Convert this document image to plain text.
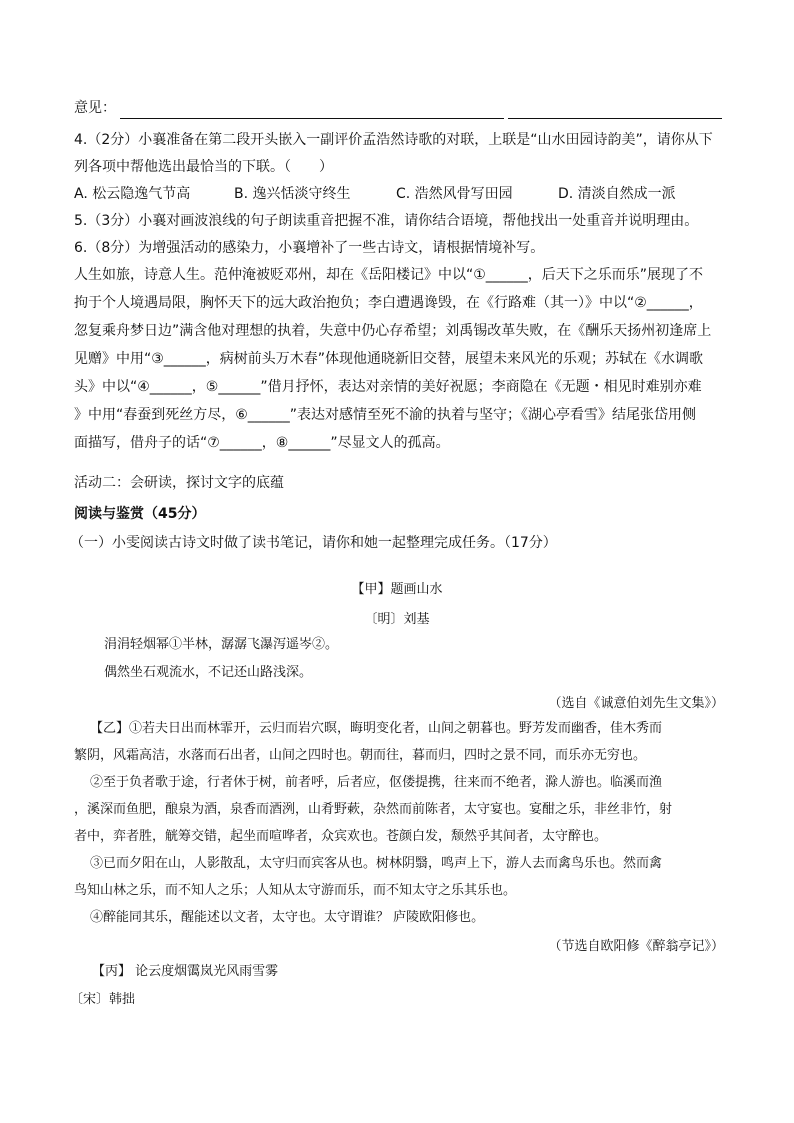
意见：
4.（2分）小襄准备在第二段开头嵌入一副评价孟浩然诗歌的对联，上联是“山水田园诗韵美”，请你从下
列各项中帮他选出最恰当的下联。（　　）
A. 松云隐逸气节高	B. 逸兴恬淡守终生	C. 浩然风骨写田园	D. 清淡自然成一派
5.（3分）小襄对画波浪线的句子朗读重音把握不准，请你结合语境，帮他找出一处重音并说明理由。
6.（8分）为增强活动的感染力，小襄增补了一些古诗文，请根据情境补写。
人生如旅，诗意人生。范仲淹被贬邓州，却在《岳阳楼记》中以“①______，后天下之乐而乐”展现了不
拘于个人境遇局限，胸怀天下的远大政治抱负；李白遭遇谗毁，在《行路难（其一）》中以“②______，
忽复乘舟梦日边”满含他对理想的执着，失意中仍心存希望；刘禹锡改革失败，在《酬乐天扬州初逢席上
见赠》中用“③______，病树前头万木春”体现他通晓新旧交替，展望未来风光的乐观；苏轼在《水调歌
头》中以“④______，⑤______”借月抒怀，表达对亲情的美好祝愿；李商隐在《无题・相见时难别亦难
》中用“春蚕到死丝方尽，⑥______”表达对感情至死不渝的执着与坚守；《湖心亭看雪》结尾张岱用侧
面描写，借舟子的话“⑦______，⑧______”尽显文人的孤高。
活动二：会研读，探讨文字的底蕴
阅读与鉴赏（45分）
（一）小雯阅读古诗文时做了读书笔记，请你和她一起整理完成任务。（17分）
【甲】题画山水
〔明〕刘基
涓涓轻烟幂①半林，潺潺飞瀑泻遥岑②。
偶然坐石观流水，不记还山路浅深。
（选自《诚意伯刘先生文集》）
【乙】①若夫日出而林霏开，云归而岩穴暝，晦明变化者，山间之朝暮也。野芳发而幽香，佳木秀而
繁阴，风霜高洁，水落而石出者，山间之四时也。朝而往，暮而归，四时之景不同，而乐亦无穷也。
②至于负者歌于途，行者休于树，前者呼，后者应，伛偻提携，往来而不绝者，滁人游也。临溪而渔
，溪深而鱼肥，酿泉为酒，泉香而酒洌，山肴野蔌，杂然而前陈者，太守宴也。宴酣之乐，非丝非竹，射
者中，弈者胜，觥筹交错，起坐而喧哗者，众宾欢也。苍颜白发，颓然乎其间者，太守醉也。
③已而夕阳在山，人影散乱，太守归而宾客从也。树林阴翳，鸣声上下，游人去而禽鸟乐也。然而禽
鸟知山林之乐，而不知人之乐；人知从太守游而乐，而不知太守之乐其乐也。
④醉能同其乐，醒能述以文者，太守也。太守谓谁？ 庐陵欧阳修也。
（节选自欧阳修《醉翁亭记》）
【丙】 论云度烟霭岚光风雨雪雾
〔宋〕韩拙
